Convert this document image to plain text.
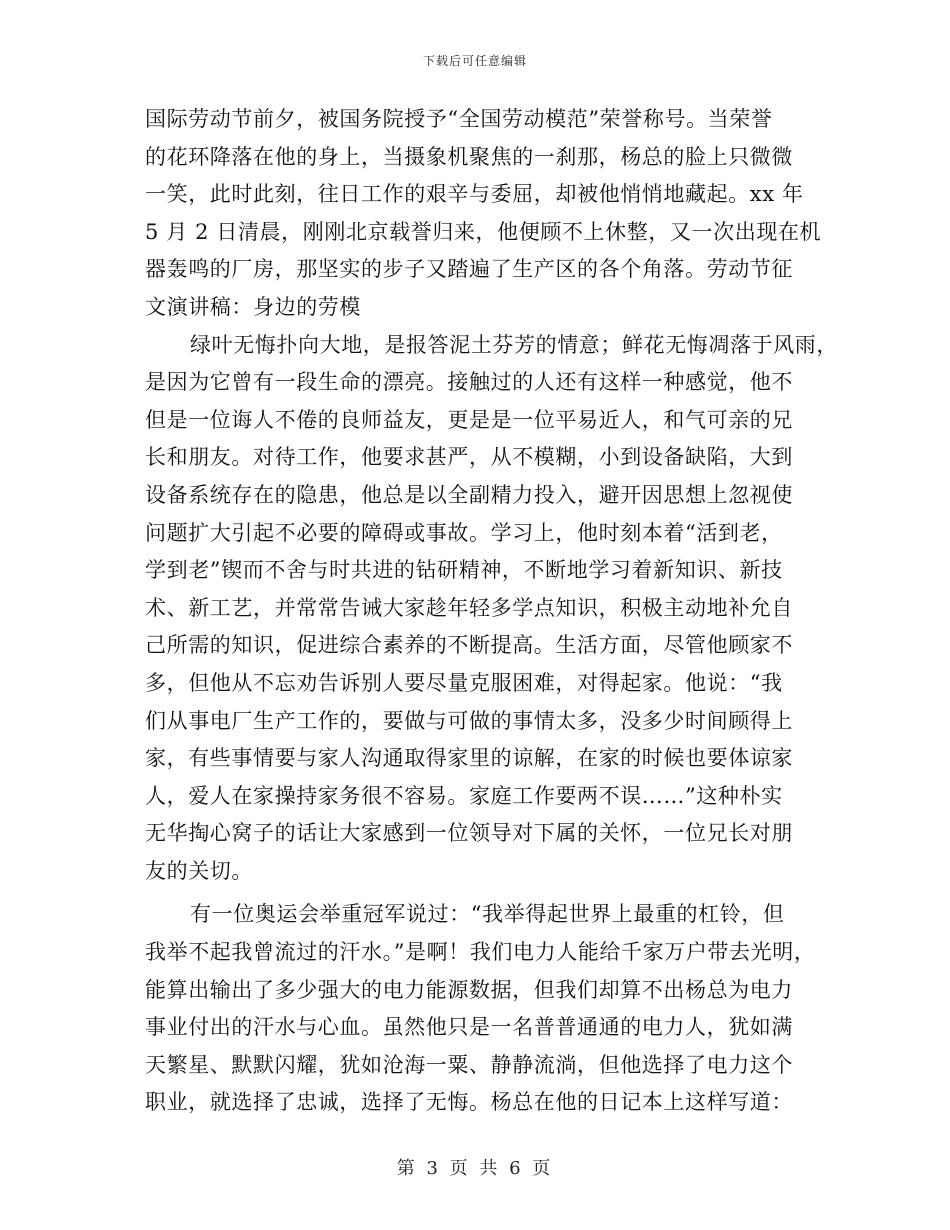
下载后可任意编辑
国际劳动节前夕，被国务院授予“全国劳动模范”荣誉称号。当荣誉
的花环降落在他的身上，当摄象机聚焦的一刹那，杨总的脸上只微微
一笑，此时此刻，往日工作的艰辛与委屈，却被他悄悄地藏起。xx 年
5 月 2 日清晨，刚刚北京载誉归来，他便顾不上休整，又一次出现在机
器轰鸣的厂房，那坚实的步子又踏遍了生产区的各个角落。劳动节征
文演讲稿：身边的劳模
绿叶无悔扑向大地，是报答泥土芬芳的情意；鲜花无悔凋落于风雨，
是因为它曾有一段生命的漂亮。接触过的人还有这样一种感觉，他不
但是一位诲人不倦的良师益友，更是是一位平易近人，和气可亲的兄
长和朋友。对待工作，他要求甚严，从不模糊，小到设备缺陷，大到
设备系统存在的隐患，他总是以全副精力投入，避开因思想上忽视使
问题扩大引起不必要的障碍或事故。学习上，他时刻本着“活到老，
学到老”锲而不舍与时共进的钻研精神，不断地学习着新知识、新技
术、新工艺，并常常告诫大家趁年轻多学点知识，积极主动地补允自
己所需的知识，促进综合素养的不断提高。生活方面，尽管他顾家不
多，但他从不忘劝告诉别人要尽量克服困难，对得起家。他说：“我
们从事电厂生产工作的，要做与可做的事情太多，没多少时间顾得上
家，有些事情要与家人沟通取得家里的谅解，在家的时候也要体谅家
人，爱人在家操持家务很不容易。家庭工作要两不误……”这种朴实
无华掏心窝子的话让大家感到一位领导对下属的关怀，一位兄长对朋
友的关切。
有一位奥运会举重冠军说过：“我举得起世界上最重的杠铃，但
我举不起我曾流过的汗水。”是啊！我们电力人能给千家万户带去光明，
能算出输出了多少强大的电力能源数据，但我们却算不出杨总为电力
事业付出的汗水与心血。虽然他只是一名普普通通的电力人，犹如满
天繁星、默默闪耀，犹如沧海一粟、静静流淌，但他选择了电力这个
职业，就选择了忠诚，选择了无悔。杨总在他的日记本上这样写道：
第 3 页 共 6 页
